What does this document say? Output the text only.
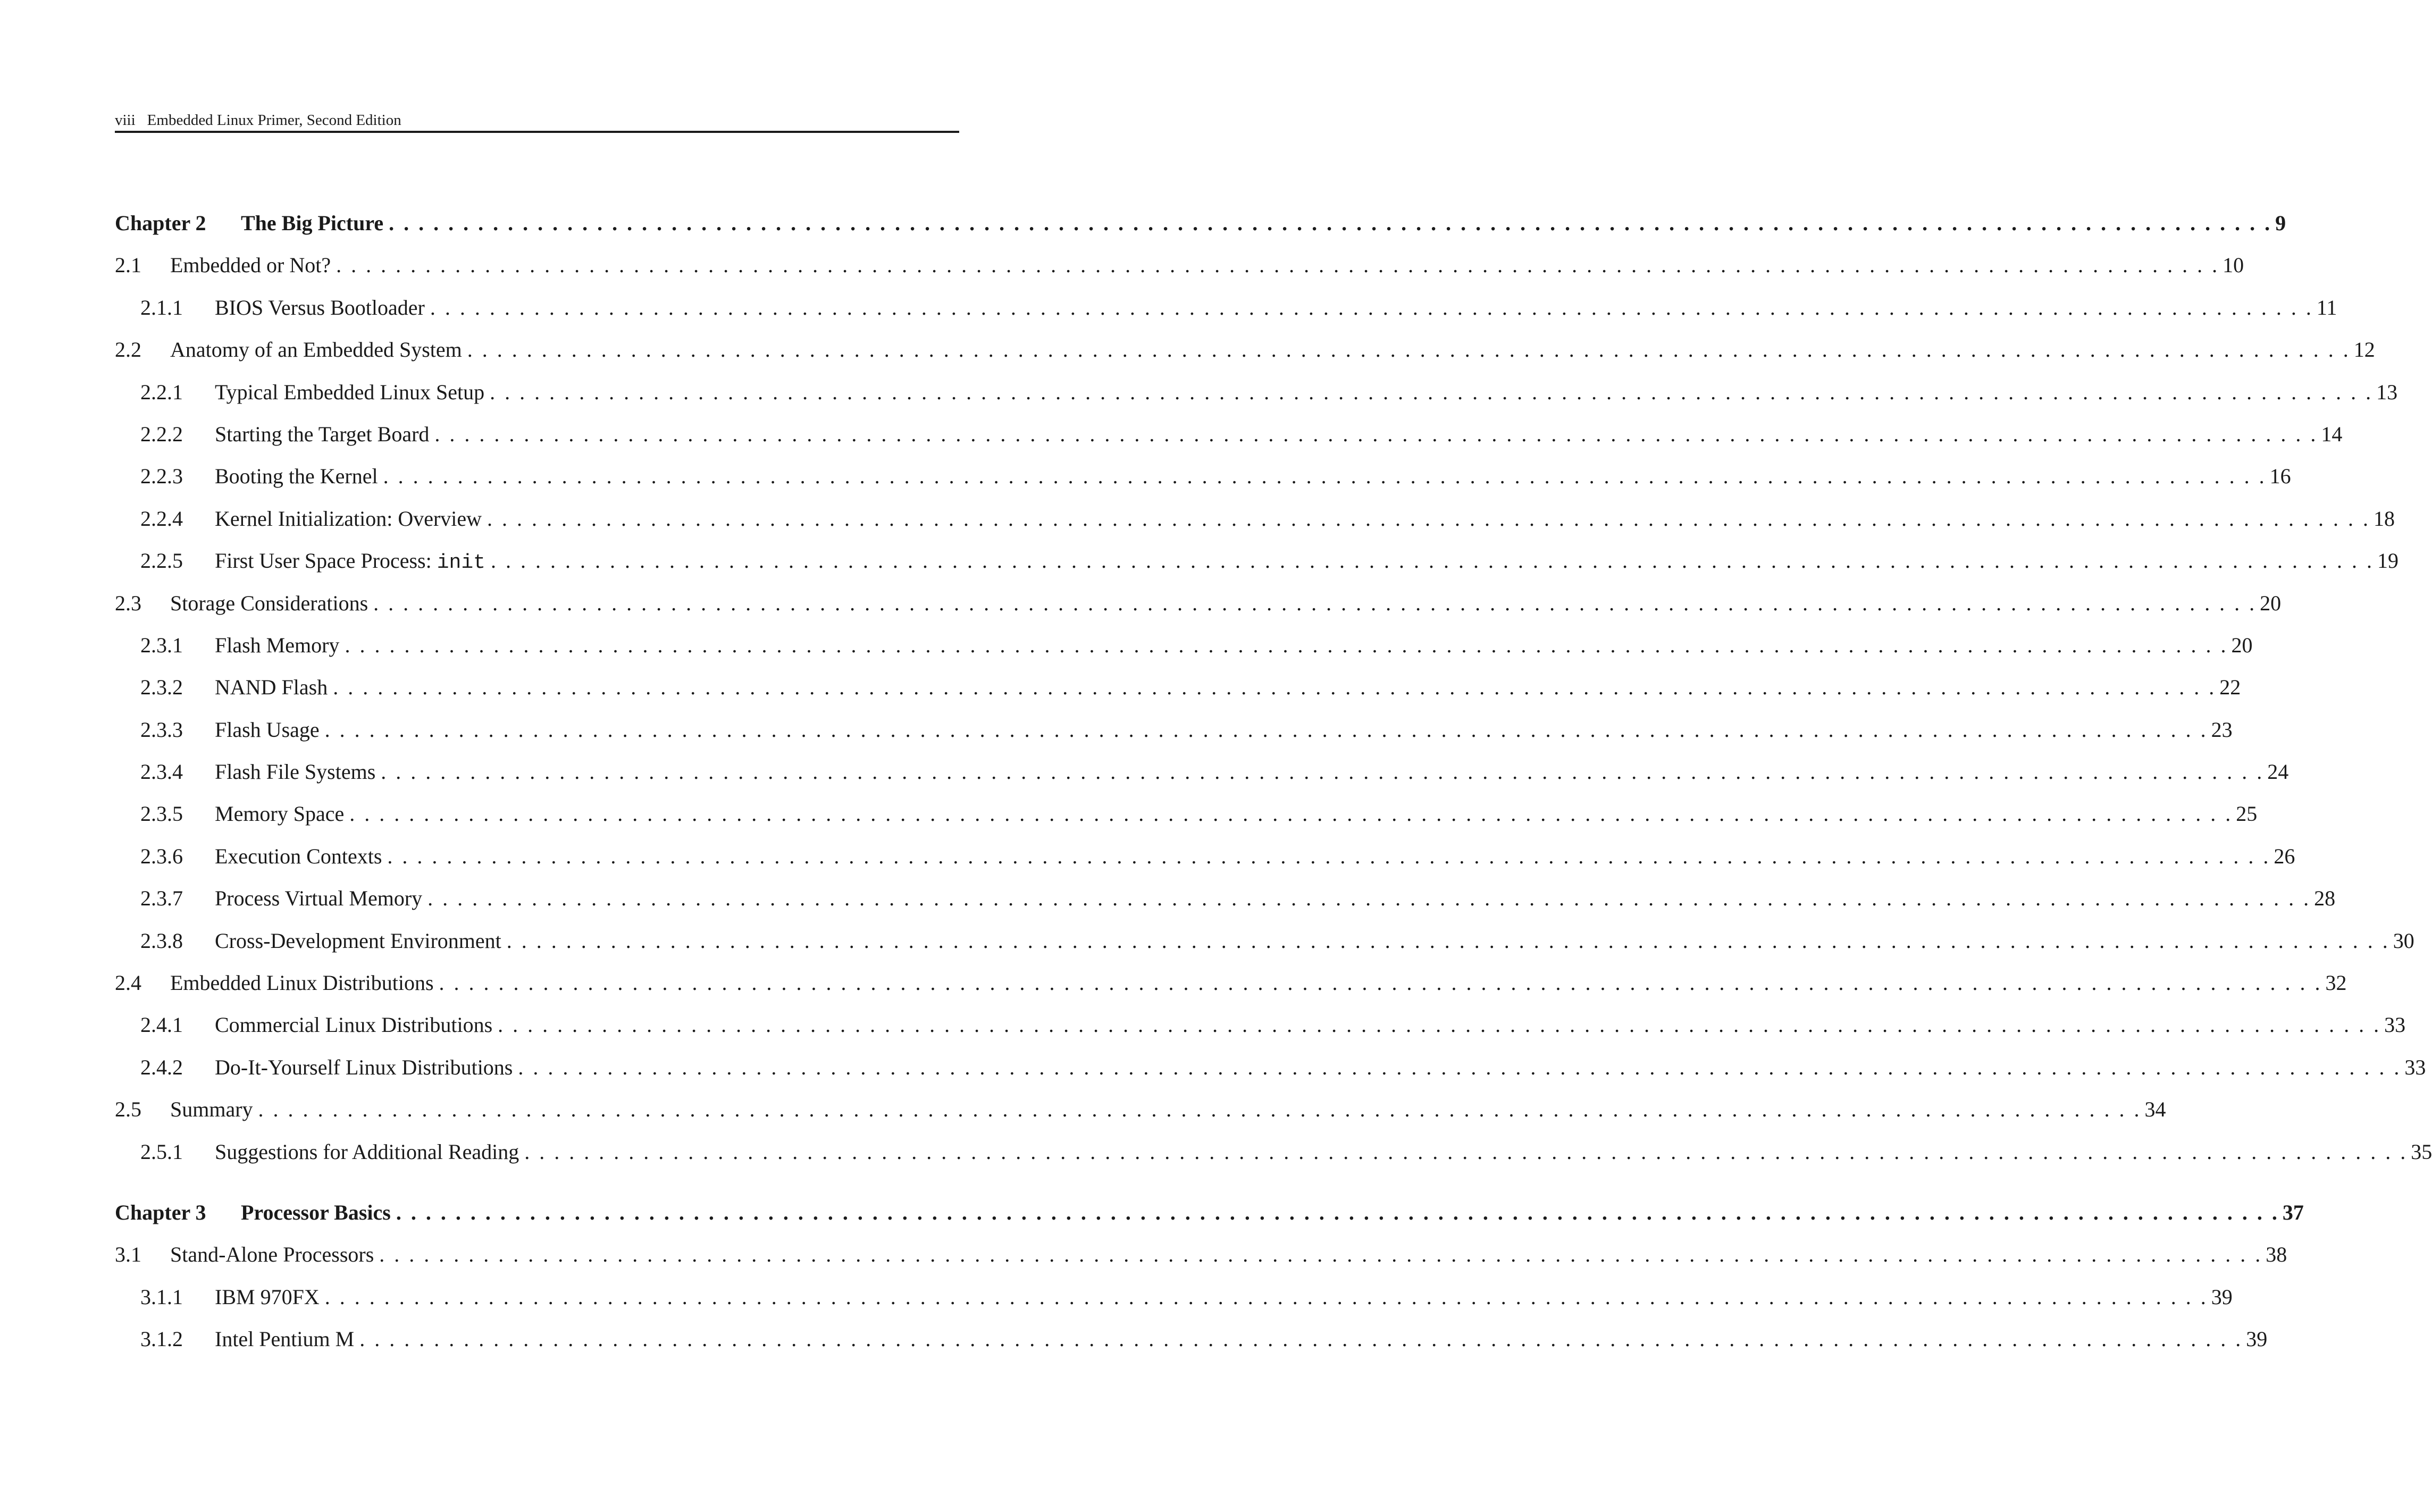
viii Embedded Linux Primer, Second Edition
Chapter 2	The Big Picture . . . . . . . . . . . . . . . . . . . . . . . . . . . . . . . . . . . . . . . . . . . . . . . . . . . . . . . . . . . . . . . . . . . . . . . . . . . . . . . . . . . . . . . . . . . . . . . . . . . . . . . . . . . . . . . . . . . . . . . . . . . . . . . 9
2.1	Embedded or Not? . . . . . . . . . . . . . . . . . . . . . . . . . . . . . . . . . . . . . . . . . . . . . . . . . . . . . . . . . . . . . . . . . . . . . . . . . . . . . . . . . . . . . . . . . . . . . . . . . . . . . . . . . . . . . . . . . . . . . . . . . . . . . . . 10
2.1.1	BIOS Versus Bootloader . . . . . . . . . . . . . . . . . . . . . . . . . . . . . . . . . . . . . . . . . . . . . . . . . . . . . . . . . . . . . . . . . . . . . . . . . . . . . . . . . . . . . . . . . . . . . . . . . . . . . . . . . . . . . . . . . . . . . . . . . . . . . . . 11
2.2	Anatomy of an Embedded System . . . . . . . . . . . . . . . . . . . . . . . . . . . . . . . . . . . . . . . . . . . . . . . . . . . . . . . . . . . . . . . . . . . . . . . . . . . . . . . . . . . . . . . . . . . . . . . . . . . . . . . . . . . . . . . . . . . . . . . . . . . . . . . 12
2.2.1	Typical Embedded Linux Setup . . . . . . . . . . . . . . . . . . . . . . . . . . . . . . . . . . . . . . . . . . . . . . . . . . . . . . . . . . . . . . . . . . . . . . . . . . . . . . . . . . . . . . . . . . . . . . . . . . . . . . . . . . . . . . . . . . . . . . . . . . . . . . . 13
2.2.2	Starting the Target Board . . . . . . . . . . . . . . . . . . . . . . . . . . . . . . . . . . . . . . . . . . . . . . . . . . . . . . . . . . . . . . . . . . . . . . . . . . . . . . . . . . . . . . . . . . . . . . . . . . . . . . . . . . . . . . . . . . . . . . . . . . . . . . . 14
2.2.3	Booting the Kernel . . . . . . . . . . . . . . . . . . . . . . . . . . . . . . . . . . . . . . . . . . . . . . . . . . . . . . . . . . . . . . . . . . . . . . . . . . . . . . . . . . . . . . . . . . . . . . . . . . . . . . . . . . . . . . . . . . . . . . . . . . . . . . . 16
2.2.4	Kernel Initialization: Overview . . . . . . . . . . . . . . . . . . . . . . . . . . . . . . . . . . . . . . . . . . . . . . . . . . . . . . . . . . . . . . . . . . . . . . . . . . . . . . . . . . . . . . . . . . . . . . . . . . . . . . . . . . . . . . . . . . . . . . . . . . . . . . . 18
2.2.5	First User Space Process: init . . . . . . . . . . . . . . . . . . . . . . . . . . . . . . . . . . . . . . . . . . . . . . . . . . . . . . . . . . . . . . . . . . . . . . . . . . . . . . . . . . . . . . . . . . . . . . . . . . . . . . . . . . . . . . . . . . . . . . . . . . . . . . . 19
2.3	Storage Considerations . . . . . . . . . . . . . . . . . . . . . . . . . . . . . . . . . . . . . . . . . . . . . . . . . . . . . . . . . . . . . . . . . . . . . . . . . . . . . . . . . . . . . . . . . . . . . . . . . . . . . . . . . . . . . . . . . . . . . . . . . . . . . . . 20
2.3.1	Flash Memory . . . . . . . . . . . . . . . . . . . . . . . . . . . . . . . . . . . . . . . . . . . . . . . . . . . . . . . . . . . . . . . . . . . . . . . . . . . . . . . . . . . . . . . . . . . . . . . . . . . . . . . . . . . . . . . . . . . . . . . . . . . . . . . 20
2.3.2	NAND Flash . . . . . . . . . . . . . . . . . . . . . . . . . . . . . . . . . . . . . . . . . . . . . . . . . . . . . . . . . . . . . . . . . . . . . . . . . . . . . . . . . . . . . . . . . . . . . . . . . . . . . . . . . . . . . . . . . . . . . . . . . . . . . . . 22
2.3.3	Flash Usage . . . . . . . . . . . . . . . . . . . . . . . . . . . . . . . . . . . . . . . . . . . . . . . . . . . . . . . . . . . . . . . . . . . . . . . . . . . . . . . . . . . . . . . . . . . . . . . . . . . . . . . . . . . . . . . . . . . . . . . . . . . . . . . 23
2.3.4	Flash File Systems . . . . . . . . . . . . . . . . . . . . . . . . . . . . . . . . . . . . . . . . . . . . . . . . . . . . . . . . . . . . . . . . . . . . . . . . . . . . . . . . . . . . . . . . . . . . . . . . . . . . . . . . . . . . . . . . . . . . . . . . . . . . . . . 24
2.3.5	Memory Space . . . . . . . . . . . . . . . . . . . . . . . . . . . . . . . . . . . . . . . . . . . . . . . . . . . . . . . . . . . . . . . . . . . . . . . . . . . . . . . . . . . . . . . . . . . . . . . . . . . . . . . . . . . . . . . . . . . . . . . . . . . . . . . 25
2.3.6	Execution Contexts . . . . . . . . . . . . . . . . . . . . . . . . . . . . . . . . . . . . . . . . . . . . . . . . . . . . . . . . . . . . . . . . . . . . . . . . . . . . . . . . . . . . . . . . . . . . . . . . . . . . . . . . . . . . . . . . . . . . . . . . . . . . . . . 26
2.3.7	Process Virtual Memory . . . . . . . . . . . . . . . . . . . . . . . . . . . . . . . . . . . . . . . . . . . . . . . . . . . . . . . . . . . . . . . . . . . . . . . . . . . . . . . . . . . . . . . . . . . . . . . . . . . . . . . . . . . . . . . . . . . . . . . . . . . . . . . 28
2.3.8	Cross-Development Environment . . . . . . . . . . . . . . . . . . . . . . . . . . . . . . . . . . . . . . . . . . . . . . . . . . . . . . . . . . . . . . . . . . . . . . . . . . . . . . . . . . . . . . . . . . . . . . . . . . . . . . . . . . . . . . . . . . . . . . . . . . . . . . . 30
2.4	Embedded Linux Distributions . . . . . . . . . . . . . . . . . . . . . . . . . . . . . . . . . . . . . . . . . . . . . . . . . . . . . . . . . . . . . . . . . . . . . . . . . . . . . . . . . . . . . . . . . . . . . . . . . . . . . . . . . . . . . . . . . . . . . . . . . . . . . . . 32
2.4.1	Commercial Linux Distributions . . . . . . . . . . . . . . . . . . . . . . . . . . . . . . . . . . . . . . . . . . . . . . . . . . . . . . . . . . . . . . . . . . . . . . . . . . . . . . . . . . . . . . . . . . . . . . . . . . . . . . . . . . . . . . . . . . . . . . . . . . . . . . . 33
2.4.2	Do-It-Yourself Linux Distributions . . . . . . . . . . . . . . . . . . . . . . . . . . . . . . . . . . . . . . . . . . . . . . . . . . . . . . . . . . . . . . . . . . . . . . . . . . . . . . . . . . . . . . . . . . . . . . . . . . . . . . . . . . . . . . . . . . . . . . . . . . . . . . . 33
2.5	Summary . . . . . . . . . . . . . . . . . . . . . . . . . . . . . . . . . . . . . . . . . . . . . . . . . . . . . . . . . . . . . . . . . . . . . . . . . . . . . . . . . . . . . . . . . . . . . . . . . . . . . . . . . . . . . . . . . . . . . . . . . . . . . . . 34
2.5.1	Suggestions for Additional Reading . . . . . . . . . . . . . . . . . . . . . . . . . . . . . . . . . . . . . . . . . . . . . . . . . . . . . . . . . . . . . . . . . . . . . . . . . . . . . . . . . . . . . . . . . . . . . . . . . . . . . . . . . . . . . . . . . . . . . . . . . . . . . . . 35
Chapter 3	Processor Basics . . . . . . . . . . . . . . . . . . . . . . . . . . . . . . . . . . . . . . . . . . . . . . . . . . . . . . . . . . . . . . . . . . . . . . . . . . . . . . . . . . . . . . . . . . . . . . . . . . . . . . . . . . . . . . . . . . . . . . . . . . . . . . . 37
3.1	Stand-Alone Processors . . . . . . . . . . . . . . . . . . . . . . . . . . . . . . . . . . . . . . . . . . . . . . . . . . . . . . . . . . . . . . . . . . . . . . . . . . . . . . . . . . . . . . . . . . . . . . . . . . . . . . . . . . . . . . . . . . . . . . . . . . . . . . . 38
3.1.1	IBM 970FX . . . . . . . . . . . . . . . . . . . . . . . . . . . . . . . . . . . . . . . . . . . . . . . . . . . . . . . . . . . . . . . . . . . . . . . . . . . . . . . . . . . . . . . . . . . . . . . . . . . . . . . . . . . . . . . . . . . . . . . . . . . . . . . 39
3.1.2	Intel Pentium M . . . . . . . . . . . . . . . . . . . . . . . . . . . . . . . . . . . . . . . . . . . . . . . . . . . . . . . . . . . . . . . . . . . . . . . . . . . . . . . . . . . . . . . . . . . . . . . . . . . . . . . . . . . . . . . . . . . . . . . . . . . . . . . 39
